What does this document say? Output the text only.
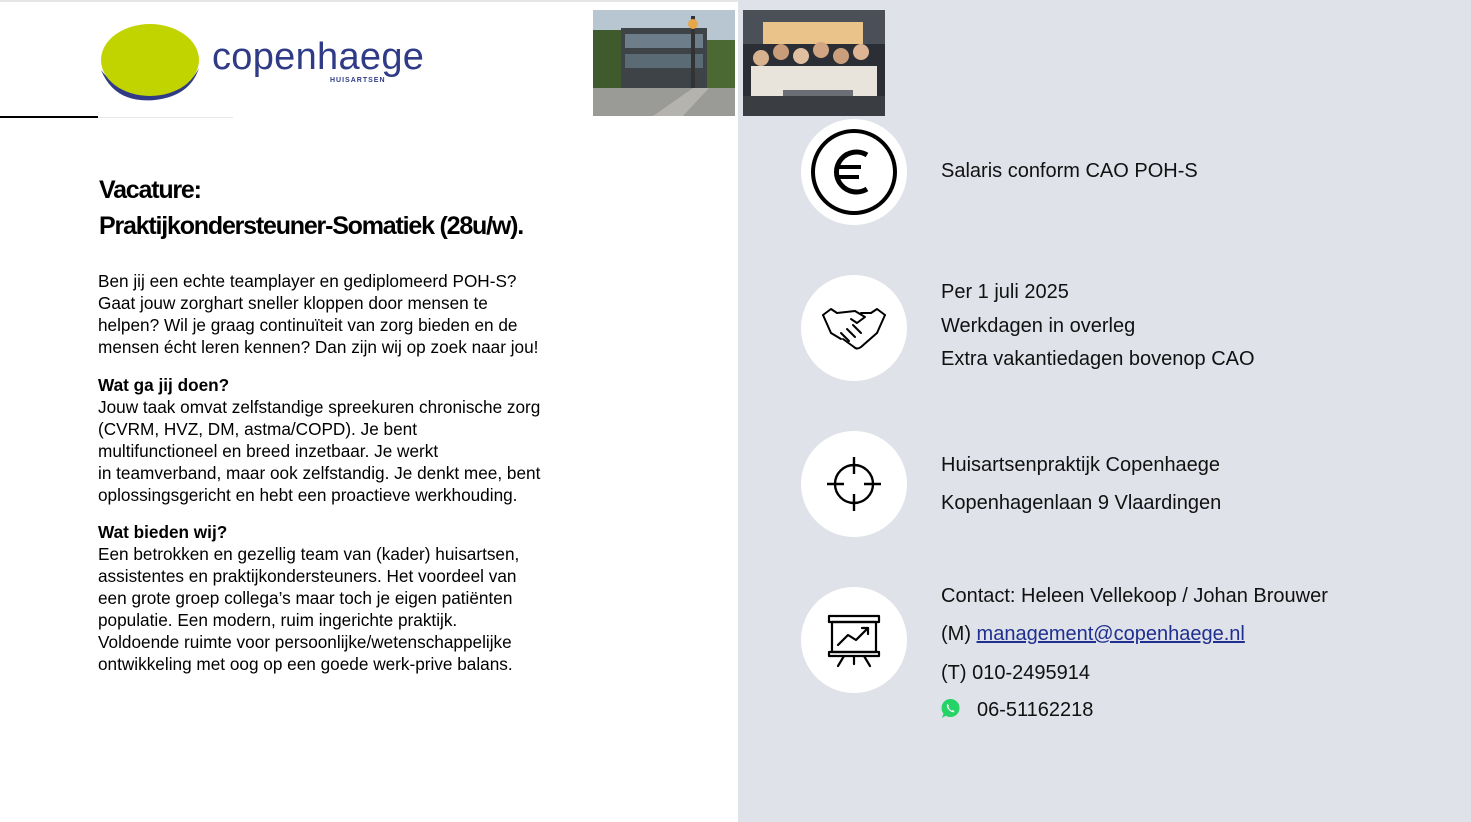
copenhaege
HUISARTSEN
Vacature:
Praktijkondersteuner-Somatiek (28u/w).

Ben jij een echte teamplayer en gediplomeerd POH-S?

Gaat jouw zorghart sneller kloppen door mensen te

helpen? Wil je graag continuïteit van zorg bieden en de

mensen écht leren kennen? Dan zijn wij op zoek naar jou!

Wat ga jij doen?

Jouw taak omvat zelfstandige spreekuren chronische zorg

(CVRM, HVZ, DM, astma/COPD). Je bent

multifunctioneel en breed inzetbaar. Je werkt

in teamverband, maar ook zelfstandig. Je denkt mee, bent

oplossingsgericht en hebt een proactieve werkhouding.

Wat bieden wij?

Een betrokken en gezellig team van (kader) huisartsen,

assistentes en praktijkondersteuners. Het voordeel van

een grote groep collega’s maar toch je eigen patiënten

populatie. Een modern, ruim ingerichte praktijk.

Voldoende ruimte voor persoonlijke/wetenschappelijke

ontwikkeling met oog op een goede werk-prive balans.

Salaris conform CAO POH-S
Per 1 juli 2025
Werkdagen in overleg
Extra vakantiedagen bovenop CAO
Huisartsenpraktijk Copenhaege
Kopenhagenlaan 9 Vlaardingen
Contact: Heleen Vellekoop / Johan Brouwer
(M) management@copenhaege.nl
(T) 010-2495914
06-51162218
